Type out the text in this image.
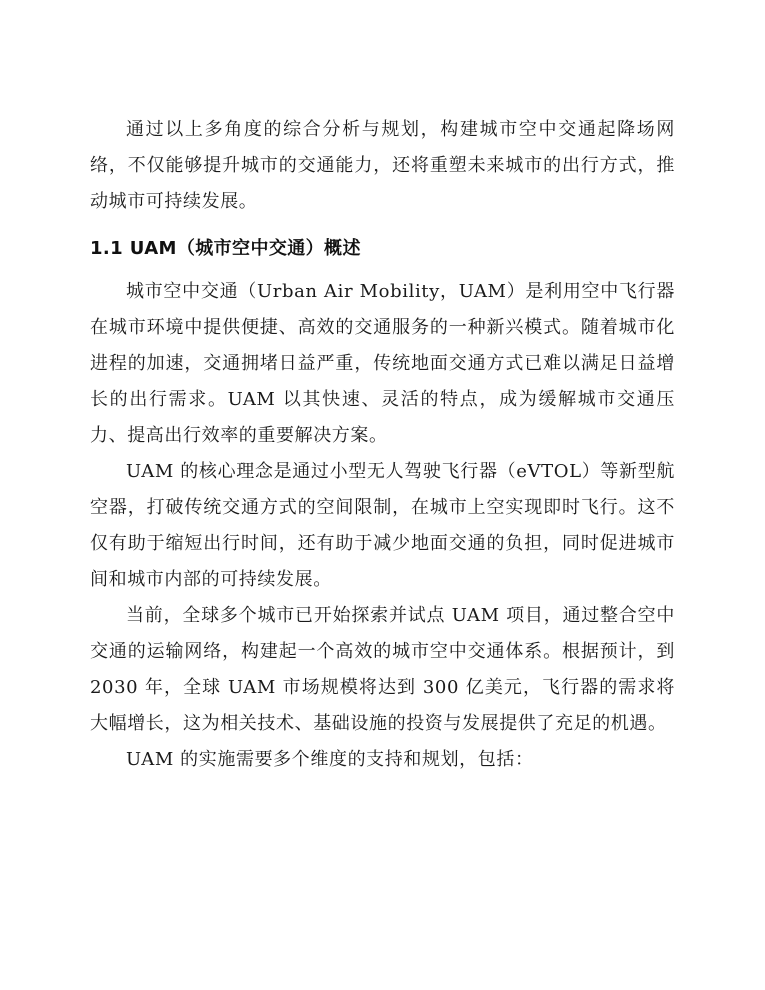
通过以上多角度的综合分析与规划，构建城市空中交通起降场网络，不仅能够提升城市的交通能力，还将重塑未来城市的出行方式，推动城市可持续发展。

1.1 UAM（城市空中交通）概述

城市空中交通（Urban Air Mobility，UAM）是利用空中飞行器在城市环境中提供便捷、高效的交通服务的一种新兴模式。随着城市化进程的加速，交通拥堵日益严重，传统地面交通方式已难以满足日益增长的出行需求。UAM 以其快速、灵活的特点，成为缓解城市交通压力、提高出行效率的重要解决方案。

UAM 的核心理念是通过小型无人驾驶飞行器（eVTOL）等新型航空器，打破传统交通方式的空间限制，在城市上空实现即时飞行。这不仅有助于缩短出行时间，还有助于减少地面交通的负担，同时促进城市间和城市内部的可持续发展。

当前，全球多个城市已开始探索并试点 UAM 项目，通过整合空中交通的运输网络，构建起一个高效的城市空中交通体系。根据预计，到 2030 年，全球 UAM 市场规模将达到 300 亿美元，飞行器的需求将大幅增长，这为相关技术、基础设施的投资与发展提供了充足的机遇。

UAM 的实施需要多个维度的支持和规划，包括：
